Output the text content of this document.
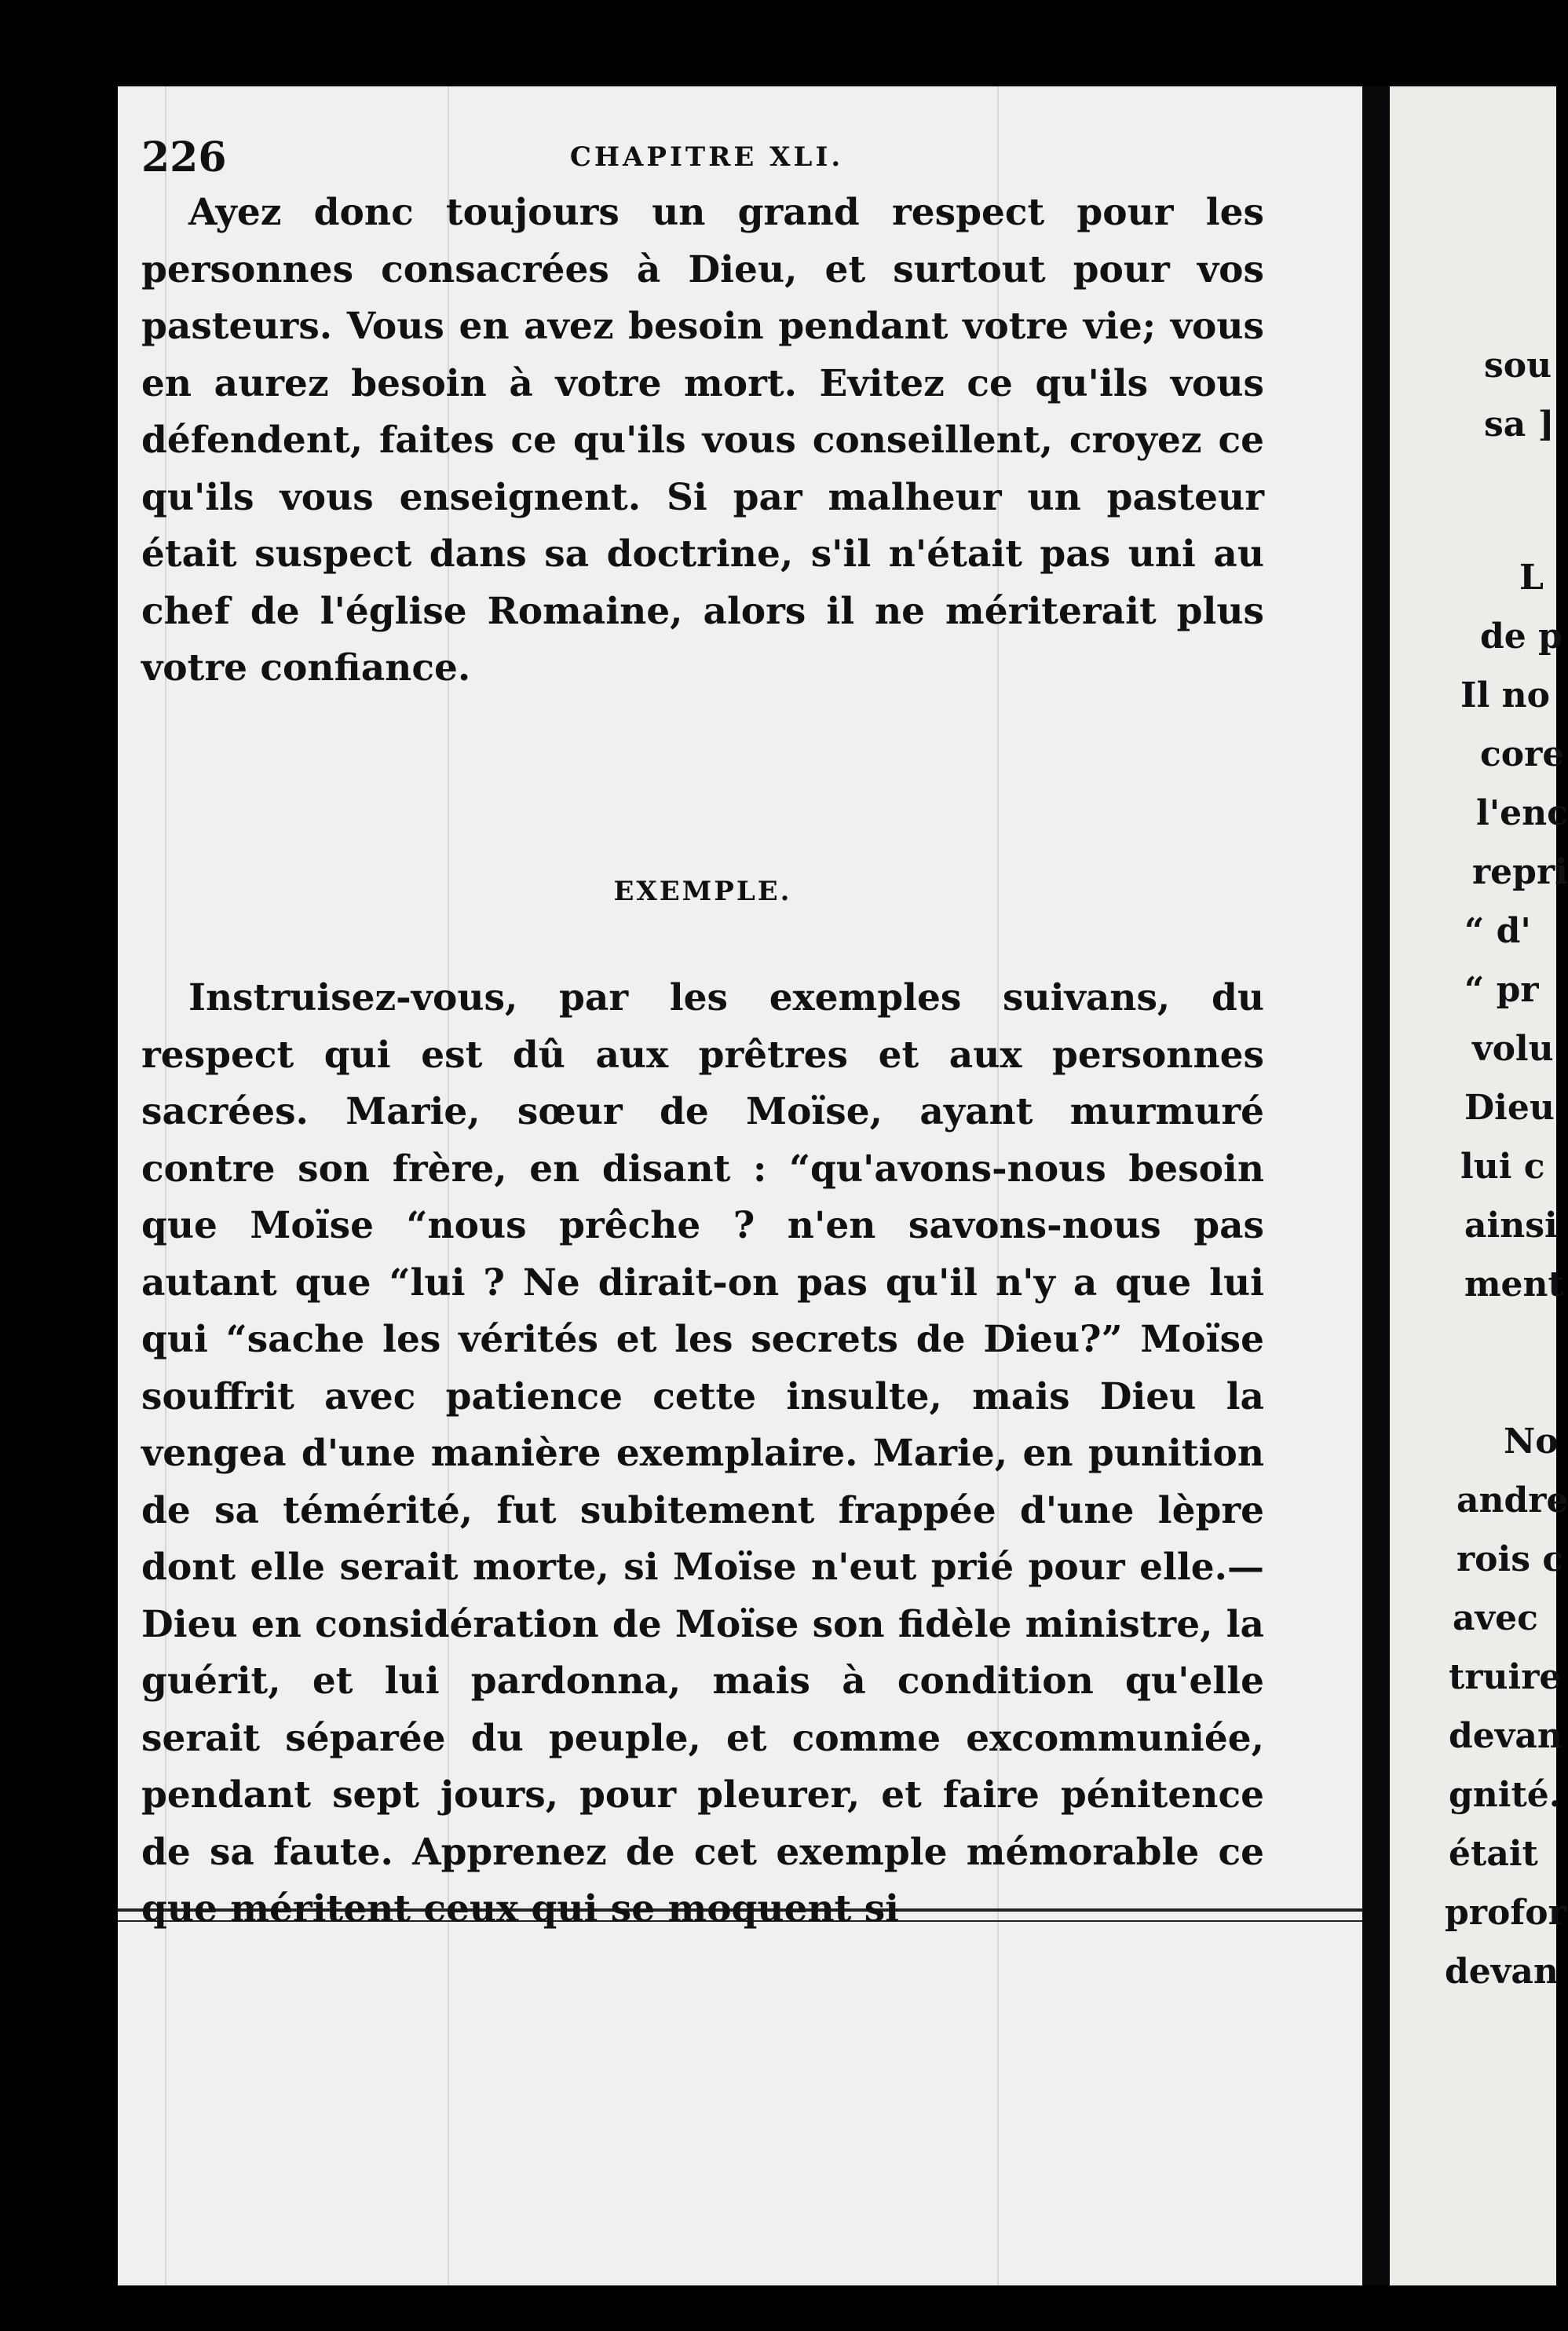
226	CHAPITRE XLI.

Ayez donc toujours un grand respect pour les personnes consacrées à Dieu, et surtout pour vos pasteurs. Vous en avez besoin pendant votre vie; vous en aurez besoin à votre mort. Evitez ce qu'ils vous défendent, faites ce qu'ils vous conseillent, croyez ce qu'ils vous enseignent. Si par malheur un pasteur était suspect dans sa doctrine, s'il n'était pas uni au chef de l'église Romaine, alors il ne mériterait plus votre confiance.

EXEMPLE.

Instruisez-vous, par les exemples suivans, du respect qui est dû aux prêtres et aux personnes sacrées. Marie, sœur de Moïse, ayant murmuré contre son frère, en disant : “qu'avons-nous besoin que Moïse “nous prêche ? n'en savons-nous pas autant que “lui ? Ne dirait-on pas qu'il n'y a que lui qui “sache les vérités et les secrets de Dieu?” Moïse souffrit avec patience cette insulte, mais Dieu la vengea d'une manière exemplaire. Marie, en punition de sa témérité, fut subitement frappée d'une lèpre dont elle serait morte, si Moïse n'eut prié pour elle.—Dieu en considération de Moïse son fidèle ministre, la guérit, et lui pardonna, mais à condition qu'elle serait séparée du peuple, et comme excommuniée, pendant sept jours, pour pleurer, et faire pénitence de sa faute. Apprenez de cet exemple mémorable ce que méritent ceux qui se moquent si

sou
sa ]
L
de p
Il no
core
l'enc
repri
“ d'
“ pr
volu
Dieu
lui c
ainsi
ment
No
andre
rois c
avec
truire
devan
gnité.
était
profor
devan
